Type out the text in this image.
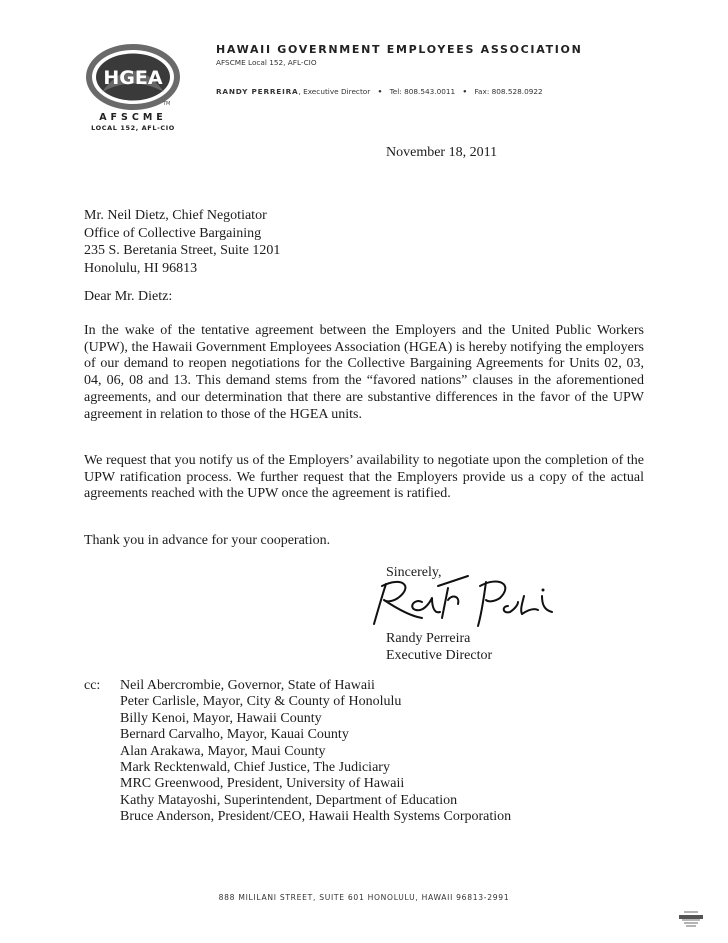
HGEA
TM
AFSCME
LOCAL 152, AFL-CIO
HAWAII GOVERNMENT EMPLOYEES ASSOCIATION
AFSCME Local 152, AFL-CIO
RANDY PERREIRA, Executive Director • Tel: 808.543.0011 • Fax: 808.528.0922
November 18, 2011
Mr. Neil Dietz, Chief Negotiator
Office of Collective Bargaining
235 S. Beretania Street, Suite 1201
Honolulu, HI 96813
Dear Mr. Dietz:

In the wake of the tentative agreement between the Employers and the United Public Workers (UPW), the Hawaii Government Employees Association (HGEA) is hereby notifying the employers of our demand to reopen negotiations for the Collective Bargaining Agreements for Units 02, 03, 04, 06, 08 and 13. This demand stems from the “favored nations” clauses in the aforementioned agreements, and our determination that there are substantive differences in the favor of the UPW agreement in relation to those of the HGEA units.

We request that you notify us of the Employers’ availability to negotiate upon the completion of the UPW ratification process. We further request that the Employers provide us a copy of the actual agreements reached with the UPW once the agreement is ratified.

Thank you in advance for your cooperation.
Sincerely,
Randy Perreira
Executive Director
cc: Neil Abercrombie, Governor, State of Hawaii
Peter Carlisle, Mayor, City & County of Honolulu
Billy Kenoi, Mayor, Hawaii County
Bernard Carvalho, Mayor, Kauai County
Alan Arakawa, Mayor, Maui County
Mark Recktenwald, Chief Justice, The Judiciary
MRC Greenwood, President, University of Hawaii
Kathy Matayoshi, Superintendent, Department of Education
Bruce Anderson, President/CEO, Hawaii Health Systems Corporation
888 MILILANI STREET, SUITE 601 HONOLULU, HAWAII 96813-2991
